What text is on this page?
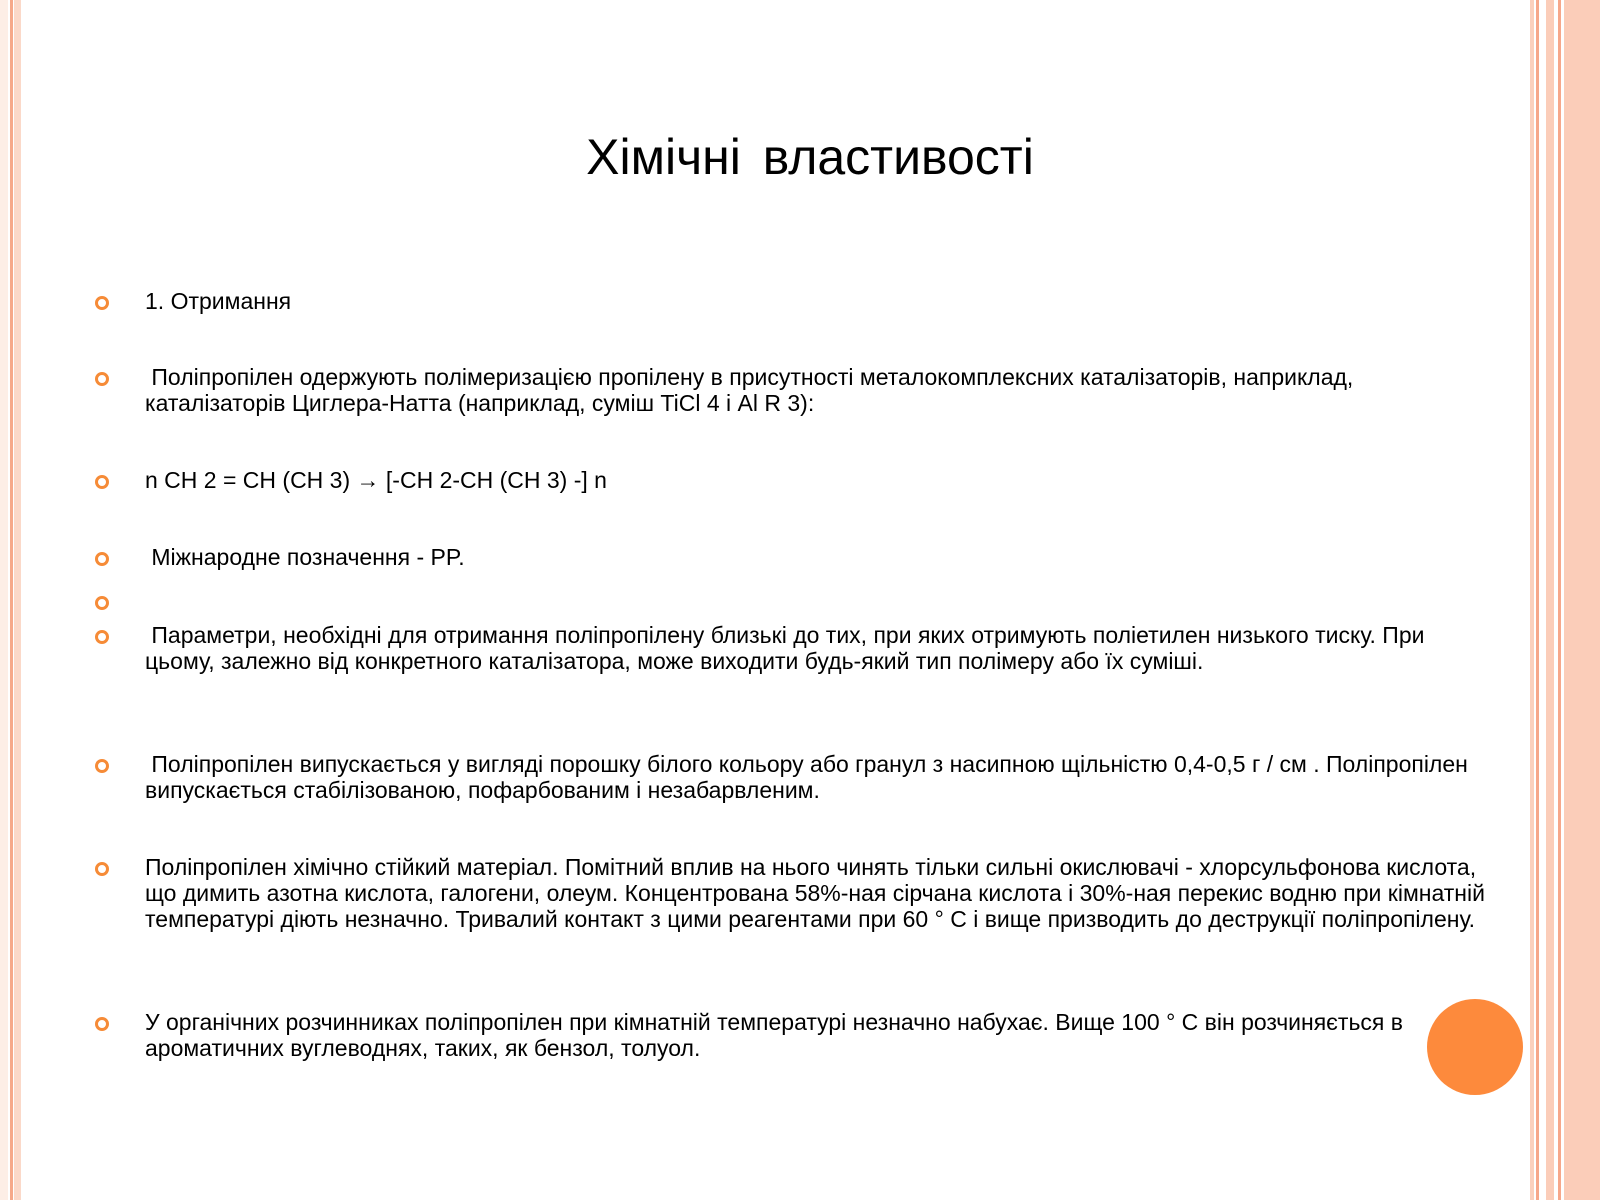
Хімічні властивості
1. Отримання
Поліпропілен одержують полімеризацією пропілену в присутності металокомплексних каталізаторів, наприклад, каталізаторів Циглера-Натта (наприклад, суміш TiCl 4 і Al R 3):
n CH 2 = CH (CH 3) → [-CH 2-CH (CH 3) -] n
Міжнародне позначення - PP.
Параметри, необхідні для отримання поліпропілену близькі до тих, при яких отримують поліетилен низького тиску. При цьому, залежно від конкретного каталізатора, може виходити будь-який тип полімеру або їх суміші.
Поліпропілен випускається у вигляді порошку білого кольору або гранул з насипною щільністю 0,4-0,5 г / см . Поліпропілен випускається стабілізованою, пофарбованим і незабарвленим.
Поліпропілен хімічно стійкий матеріал. Помітний вплив на нього чинять тільки сильні окислювачі - хлорсульфонова кислота, що димить азотна кислота, галогени, олеум. Концентрована 58%-ная сірчана кислота і 30%-ная перекис водню при кімнатній температурі діють незначно. Тривалий контакт з цими реагентами при 60 ° С і вище призводить до деструкції поліпропілену.
У органічних розчинниках поліпропілен при кімнатній температурі незначно набухає. Вище 100 ° С він розчиняється в ароматичних вуглеводнях, таких, як бензол, толуол.
